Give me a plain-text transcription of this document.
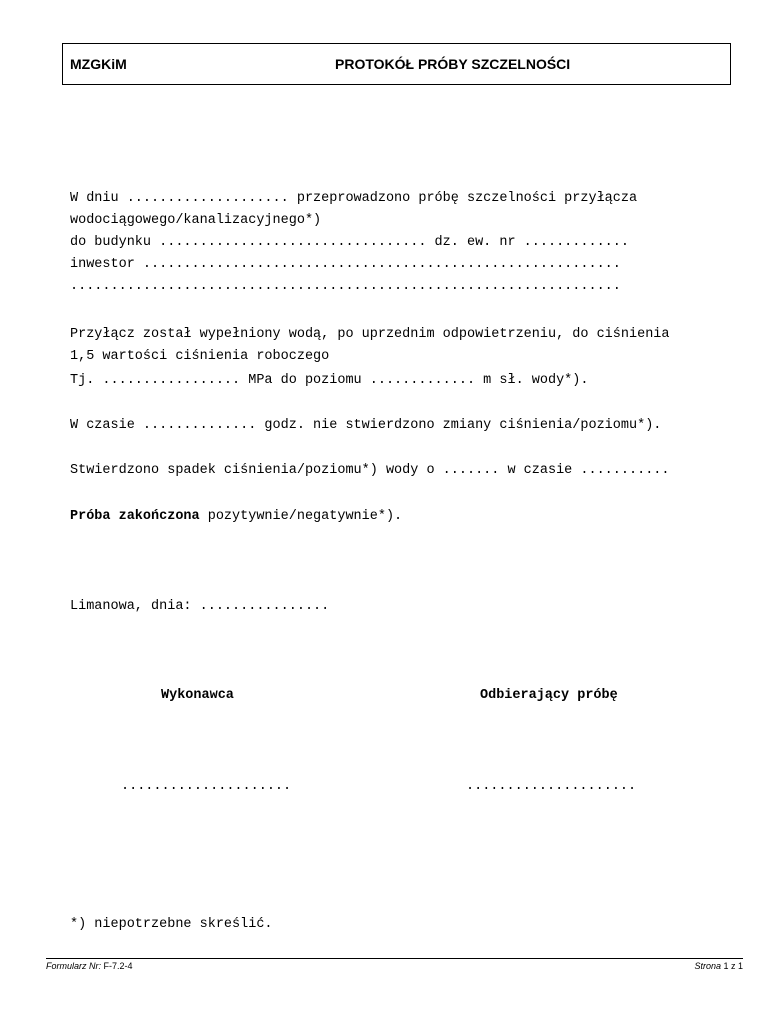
MZGKiM	PROTOKÓŁ PRÓBY SZCZELNOŚCI

W dniu .................... przeprowadzono próbę szczelności przyłącza
wodociągowego/kanalizacyjnego*)
do budynku ................................. dz. ew. nr .............
inwestor ...........................................................
....................................................................

Przyłącz został wypełniony wodą, po uprzednim odpowietrzeniu, do ciśnienia
1,5 wartości ciśnienia roboczego

Tj. ................. MPa do poziomu ............. m sł. wody*).
W czasie .............. godz. nie stwierdzono zmiany ciśnienia/poziomu*).
Stwierdzono spadek ciśnienia/poziomu*) wody o ....... w czasie ...........
Próba zakończona pozytywnie/negatywnie*).
Limanowa, dnia: ................
Wykonawca	Odbierający próbę
.....................	.....................
*) niepotrzebne skreślić.
Formularz Nr: F-7.2-4	Strona 1 z 1
